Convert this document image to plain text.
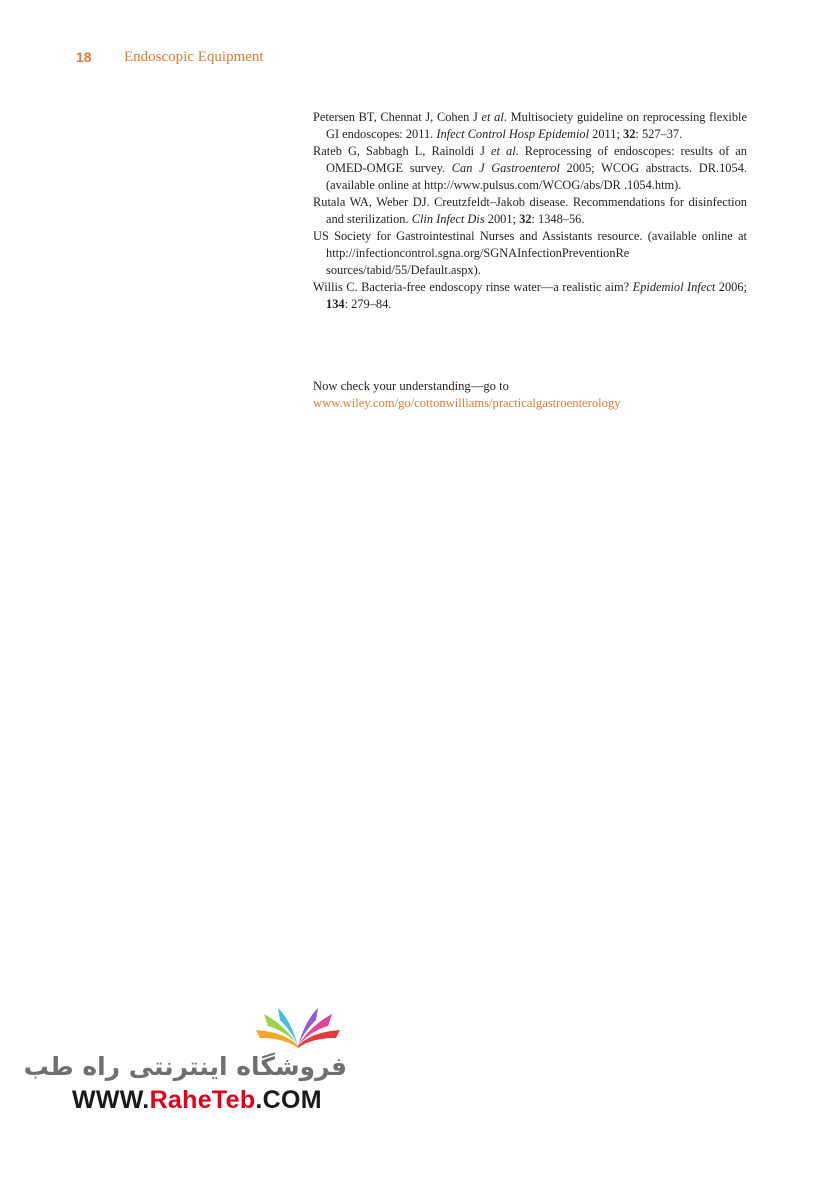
18 Endoscopic Equipment

Petersen BT, Chennat J, Cohen J et al. Multisociety guideline on reprocessing flexible GI endoscopes: 2011. Infect Control Hosp Epidemiol 2011; 32: 527–37.

Rateb G, Sabbagh L, Rainoldi J et al. Reprocessing of endoscopes: results of an OMED-OMGE survey. Can J Gastroenterol 2005; WCOG abstracts. DR.1054. (available online at http://www.pulsus.com/WCOG/abs/DR .1054.htm).

Rutala WA, Weber DJ. Creutzfeldt–Jakob disease. Recommendations for disinfection and sterilization. Clin Infect Dis 2001; 32: 1348–56.

US Society for Gastrointestinal Nurses and Assistants resource. (available online at http://infectioncontrol.sgna.org/SGNAInfectionPreventionRe sources/tabid/55/Default.aspx).

Willis C. Bacteria-free endoscopy rinse water—a realistic aim? Epidemiol Infect 2006; 134: 279–84.

Now check your understanding—go to
www.wiley.com/go/cottonwilliams/practicalgastroenterology
فروشگاه اینترنتی راه طب
WWW.RaheTeb.COM
